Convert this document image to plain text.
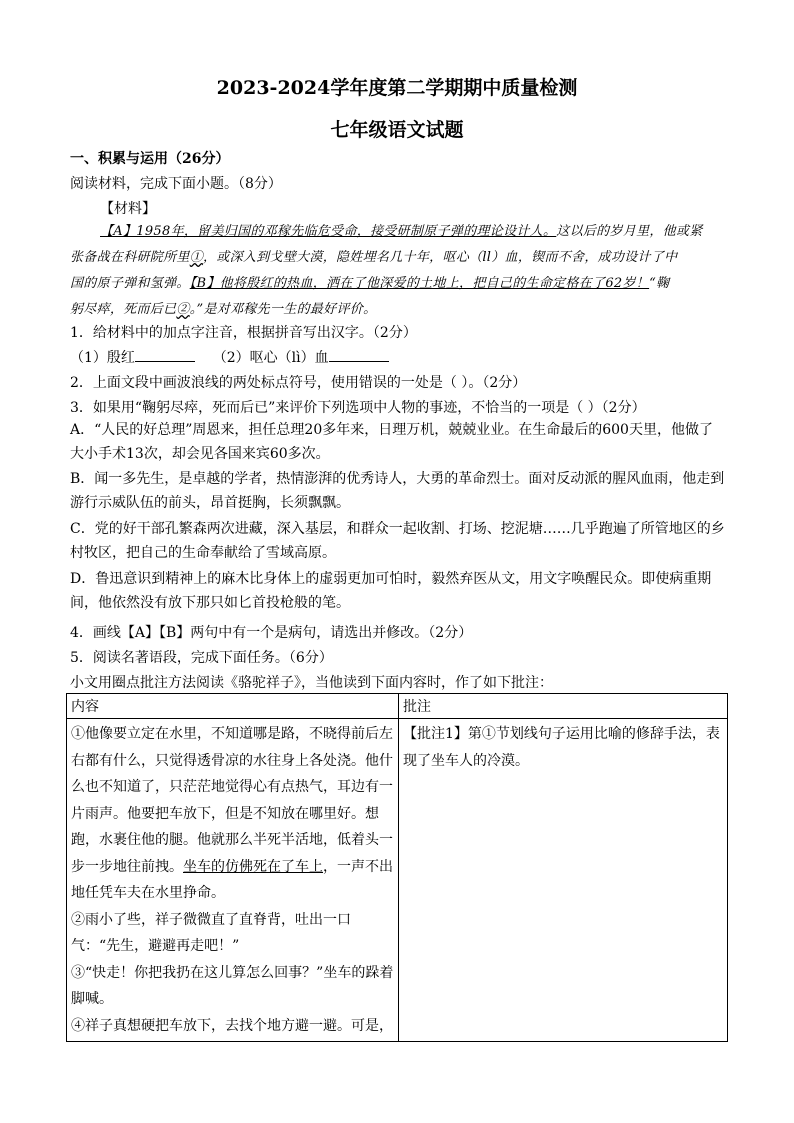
2023-2024学年度第二学期期中质量检测
七年级语文试题
一、积累与运用（26分）
阅读材料，完成下面小题。（8分）
【材料】
【A】1958年，留美归国的邓稼先临危受命，接受研制原子弹的理论设计人。这以后的岁月里，他或紧
张备战在科研院所里①，或深入到戈壁大漠，隐姓埋名几十年，呕心（ll）血，锲而不舍，成功设计了中
国的原子弹和氢弹。【B】他将殷红的热血，洒在了他深爱的土地上，把自己的生命定格在了62岁！“鞠
躬尽瘁，死而后已②。”是对邓稼先一生的最好评价。
1．给材料中的加点字注音，根据拼音写出汉字。（2分）
（1）殷红	（2）呕心（lì）血
2．上面文段中画波浪线的两处标点符号，使用错误的一处是（ ）。（2分）
3．如果用“鞠躬尽瘁，死而后已”来评价下列选项中人物的事迹，不恰当的一项是（ ）（2分）
A．“人民的好总理”周恩来，担任总理20多年来，日理万机，兢兢业业。在生命最后的600天里，他做了大小手术13次，却会见各国来宾60多次。
B．闻一多先生，是卓越的学者，热情澎湃的优秀诗人，大勇的革命烈士。面对反动派的腥风血雨，他走到游行示威队伍的前头，昂首挺胸，长须飘飘。
C．党的好干部孔繁森两次进藏，深入基层，和群众一起收割、打场、挖泥塘……几乎跑遍了所管地区的乡村牧区，把自己的生命奉献给了雪域高原。
D．鲁迅意识到精神上的麻木比身体上的虚弱更加可怕时，毅然弃医从文，用文字唤醒民众。即使病重期间，他依然没有放下那只如匕首投枪般的笔。
4．画线【A】【B】两句中有一个是病句，请选出并修改。（2分）
5．阅读名著语段，完成下面任务。（6分）
小文用圈点批注方法阅读《骆驼祥子》，当他读到下面内容时，作了如下批注：
内容	批注

①他像要立定在水里，不知道哪是路，不晓得前后左右都有什么，只觉得透骨凉的水往身上各处浇。他什么也不知道了，只茫茫地觉得心有点热气，耳边有一片雨声。他要把车放下，但是不知放在哪里好。想跑，水裹住他的腿。他就那么半死半活地，低着头一步一步地往前拽。坐车的仿佛死在了车上，一声不出地任凭车夫在水里挣命。

②雨小了些，祥子微微直了直脊背，吐出一口气：“先生，避避再走吧！”

③“快走！你把我扔在这儿算怎么回事？”坐车的跺着脚喊。

④祥子真想硬把车放下，去找个地方避一避。可是，	【批注1】第①节划线句子运用比喻的修辞手法，表现了坐车人的冷漠。
